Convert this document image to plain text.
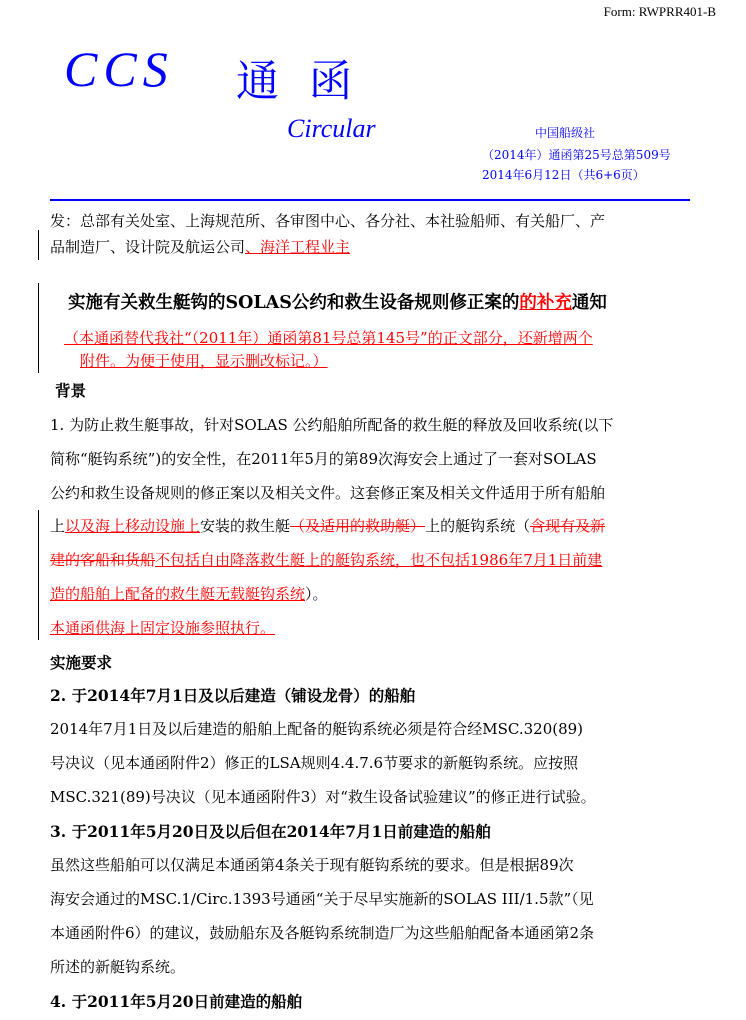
Form: RWPRR401-B
CCS 通函
Circular	中国船级社
（2014年）通函第25号总第509号
2014年6月12日（共6+6页）
发：总部有关处室、上海规范所、各审图中心、各分社、本社验船师、有关船厂、产
品制造厂、设计院及航运公司、海洋工程业主
实施有关救生艇钩的SOLAS公约和救生设备规则修正案的的补充通知
（本通函替代我社“（2011年）通函第81号总第145号”的正文部分，还新增两个
附件。为便于使用，显示删改标记。）
背景
1. 为防止救生艇事故，针对SOLAS 公约船舶所配备的救生艇的释放及回收系统(以下
简称“艇钩系统”)的安全性，在2011年5月的第89次海安会上通过了一套对SOLAS
公约和救生设备规则的修正案以及相关文件。这套修正案及相关文件适用于所有船舶
上以及海上移动设施上安装的救生艇（及适用的救助艇）上的艇钩系统（含现有及新
建的客船和货船不包括自由降落救生艇上的艇钩系统，也不包括1986年7月1日前建
造的船舶上配备的救生艇无载艇钩系统）。
本通函供海上固定设施参照执行。
实施要求
2. 于2014年7月1日及以后建造（铺设龙骨）的船舶
2014年7月1日及以后建造的船舶上配备的艇钩系统必须是符合经MSC.320(89)
号决议（见本通函附件2）修正的LSA规则4.4.7.6节要求的新艇钩系统。应按照
MSC.321(89)号决议（见本通函附件3）对“救生设备试验建议”的修正进行试验。
3. 于2011年5月20日及以后但在2014年7月1日前建造的船舶
虽然这些船舶可以仅满足本通函第4条关于现有艇钩系统的要求。但是根据89次
海安会通过的MSC.1/Circ.1393号通函“关于尽早实施新的SOLAS III/1.5款”（见
本通函附件6）的建议，鼓励船东及各艇钩系统制造厂为这些船舶配备本通函第2条
所述的新艇钩系统。
4. 于2011年5月20日前建造的船舶
